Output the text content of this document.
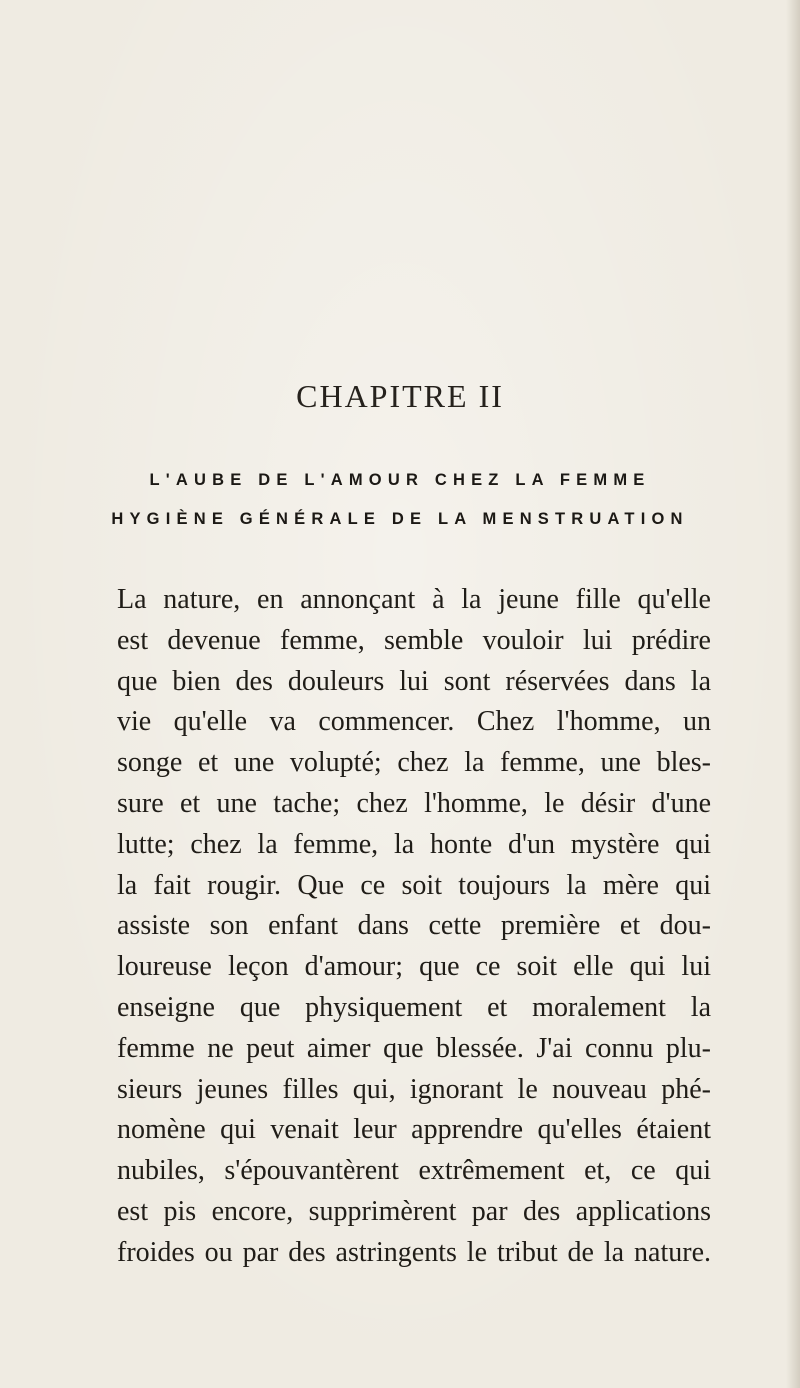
CHAPITRE II

L'AUBE DE L'AMOUR CHEZ LA FEMME

HYGIÈNE GÉNÉRALE DE LA MENSTRUATION

La nature, en annonçant à la jeune fille qu'elle
est devenue femme, semble vouloir lui prédire
que bien des douleurs lui sont réservées dans la
vie qu'elle va commencer. Chez l'homme, un
songe et une volupté; chez la femme, une bles-
sure et une tache; chez l'homme, le désir d'une
lutte; chez la femme, la honte d'un mystère qui
la fait rougir. Que ce soit toujours la mère qui
assiste son enfant dans cette première et dou-
loureuse leçon d'amour; que ce soit elle qui lui
enseigne que physiquement et moralement la
femme ne peut aimer que blessée. J'ai connu plu-
sieurs jeunes filles qui, ignorant le nouveau phé-
nomène qui venait leur apprendre qu'elles étaient
nubiles, s'épouvantèrent extrêmement et, ce qui
est pis encore, supprimèrent par des applications
froides ou par des astringents le tribut de la nature.
